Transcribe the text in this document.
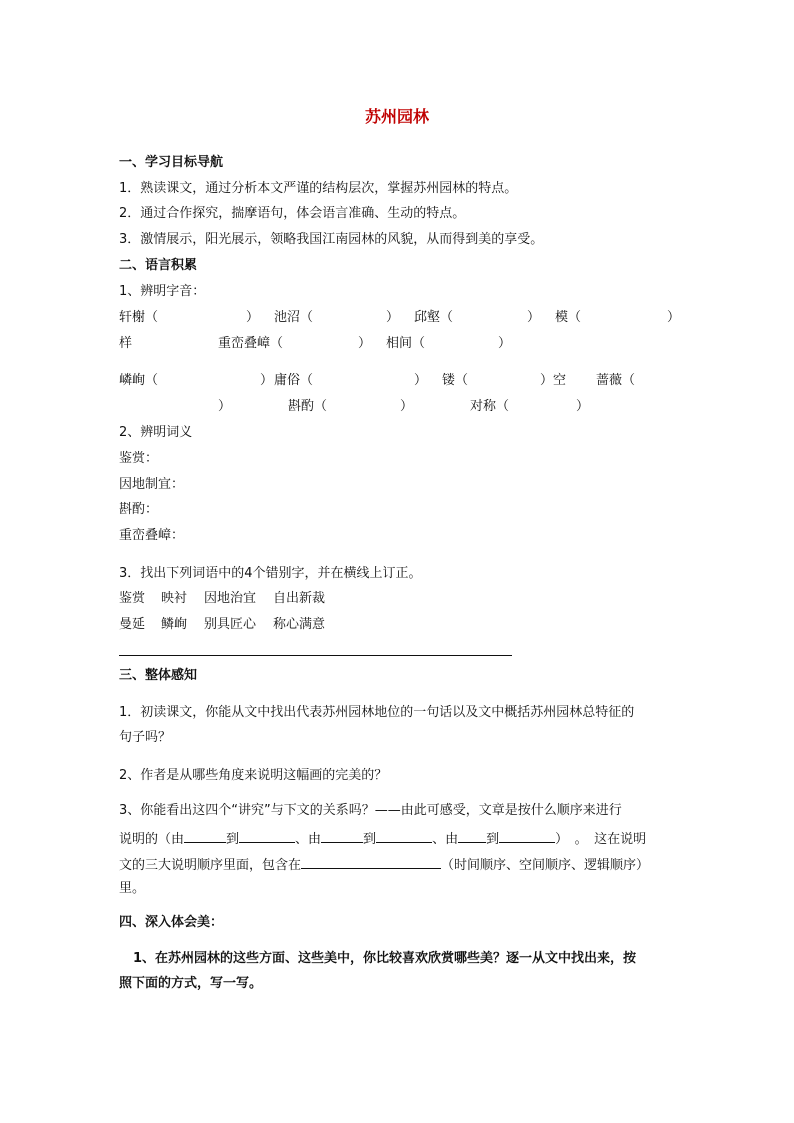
苏州园林
一、学习目标导航
1．熟读课文，通过分析本文严谨的结构层次，掌握苏州园林的特点。
2．通过合作探究，揣摩语句，体会语言准确、生动的特点。
3．激情展示，阳光展示，领略我国江南园林的风貌，从而得到美的享受。
二、语言积累
1、辨明字音：
轩榭（	） 池沼（	） 邱壑（	） 模（	）
样	重峦叠嶂（	） 相间（	）
嶙峋（	） 庸俗（	） 镂（	）空 蔷薇（
）	斟酌（	）	对称（	）
2、辨明词义
鉴赏：
因地制宜：
斟酌：
重峦叠嶂：
3．找出下列词语中的4个错别字，并在横线上订正。
鉴赏 映衬 因地治宜 自出新裁
曼延 鳞峋 别具匠心 称心满意
三、整体感知
1．初读课文，你能从文中找出代表苏州园林地位的一句话以及文中概括苏州园林总特征的
句子吗？
2、作者是从哪些角度来说明这幅画的完美的？
3、你能看出这四个“讲究”与下文的关系吗？——由此可感受，文章是按什么顺序来进行
说明的（由	到	、由	到	、由 到	）　。　这在说明
文的三大说明顺序里面，包含在	（时间顺序、空间顺序、逻辑顺序）
里。
四、深入体会美：
1、在苏州园林的这些方面、这些美中，你比较喜欢欣赏哪些美？逐一从文中找出来，按
照下面的方式，写一写。
